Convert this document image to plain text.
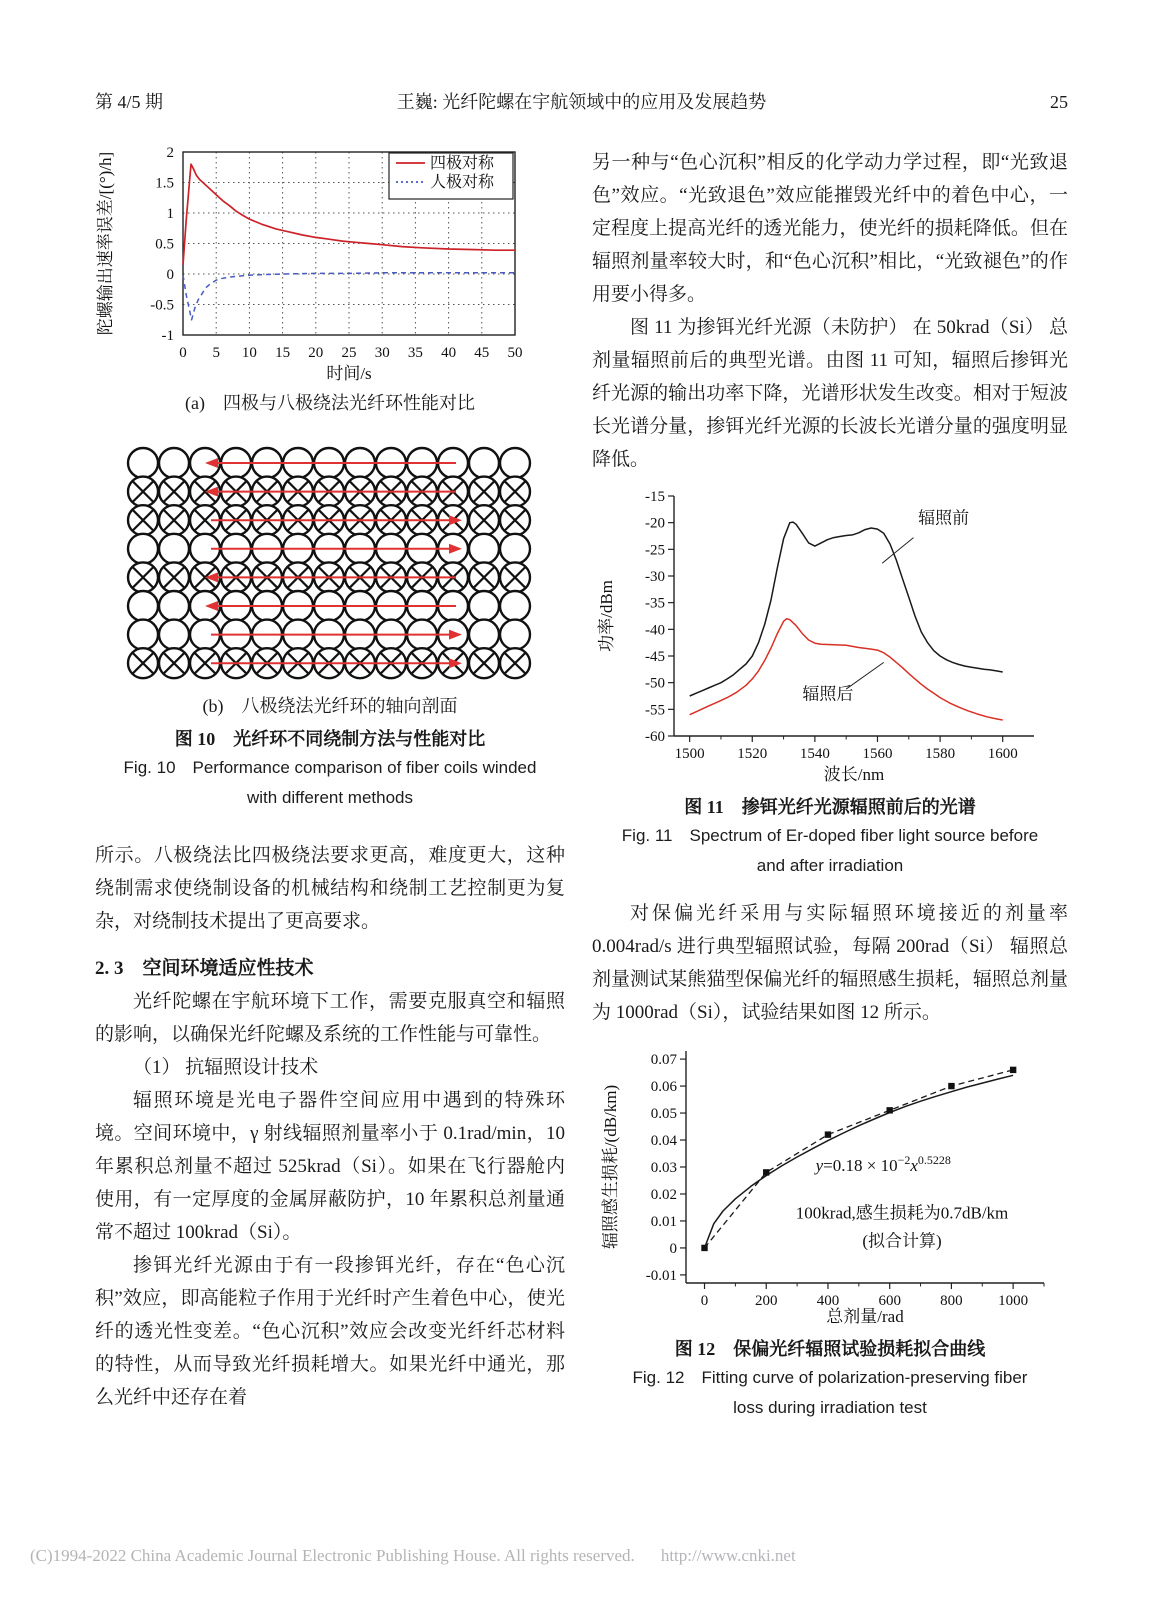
第 4/5 期	王巍: 光纤陀螺在宇航领域中的应用及发展趋势	25
0 5 10 15 20 25 30 35 40 45 50
-1
-0.5
0
0.5
1
1.5
2
时间/s
陀螺输出速率误差/[(°)/h]	四极对称
人极对称
(a)　四极与八极绕法光纤环性能对比
(b)　八极绕法光纤环的轴向剖面
图 10　光纤环不同绕制方法与性能对比
Fig. 10　Performance comparison of fiber coils winded
with different methods
所示。八极绕法比四极绕法要求更高，难度更大，这种绕制需求使绕制设备的机械结构和绕制工艺控制更为复杂，对绕制技术提出了更高要求。
2. 3　空间环境适应性技术
光纤陀螺在宇航环境下工作，需要克服真空和辐照的影响，以确保光纤陀螺及系统的工作性能与可靠性。
（1） 抗辐照设计技术
辐照环境是光电子器件空间应用中遇到的特殊环境。空间环境中，γ 射线辐照剂量率小于 0.1rad/min，10 年累积总剂量不超过 525krad（Si）。如果在飞行器舱内使用，有一定厚度的金属屏蔽防护，10 年累积总剂量通常不超过 100krad（Si）。
掺铒光纤光源由于有一段掺铒光纤，存在“色心沉积”效应，即高能粒子作用于光纤时产生着色中心，使光纤的透光性变差。“色心沉积”效应会改变光纤纤芯材料的特性，从而导致光纤损耗增大。如果光纤中通光，那么光纤中还存在着
另一种与“色心沉积”相反的化学动力学过程，即“光致退色”效应。“光致退色”效应能摧毁光纤中的着色中心，一定程度上提高光纤的透光能力，使光纤的损耗降低。但在辐照剂量率较大时，和“色心沉积”相比，“光致褪色”的作用要小得多。
图 11 为掺铒光纤光源（未防护） 在 50krad（Si） 总剂量辐照前后的典型光谱。由图 11 可知，辐照后掺铒光纤光源的输出功率下降，光谱形状发生改变。相对于短波长光谱分量，掺铒光纤光源的长波长光谱分量的强度明显降低。
1500 1520 1540 1560 1580 1600
-15
-20
-25
-30
-35
-40
-45
-50
-55
-60
辐照前
辐照后
波长/nm
功率/dBm
图 11　掺铒光纤光源辐照前后的光谱
Fig. 11　Spectrum of Er-doped fiber light source before
and after irradiation
对保偏光纤采用与实际辐照环境接近的剂量率 0.004rad/s 进行典型辐照试验，每隔 200rad（Si） 辐照总剂量测试某熊猫型保偏光纤的辐照感生损耗，辐照总剂量为 1000rad（Si），试验结果如图 12 所示。
0	200	400	600	800 1000
-0.01
0
0.01
0.02
0.03
0.04
0.05
0.06
0.07
$y=0.18 \times 10^{-2}x^{0.5228}$
100krad,感生损耗为0.7dB/km
(拟合计算)
总剂量/rad
辐照感生损耗/(dB/km)
图 12　保偏光纤辐照试验损耗拟合曲线
Fig. 12　Fitting curve of polarization-preserving fiber
loss during irradiation test
(C)1994-2022 China Academic Journal Electronic Publishing House. All rights reserved. http://www.cnki.net
